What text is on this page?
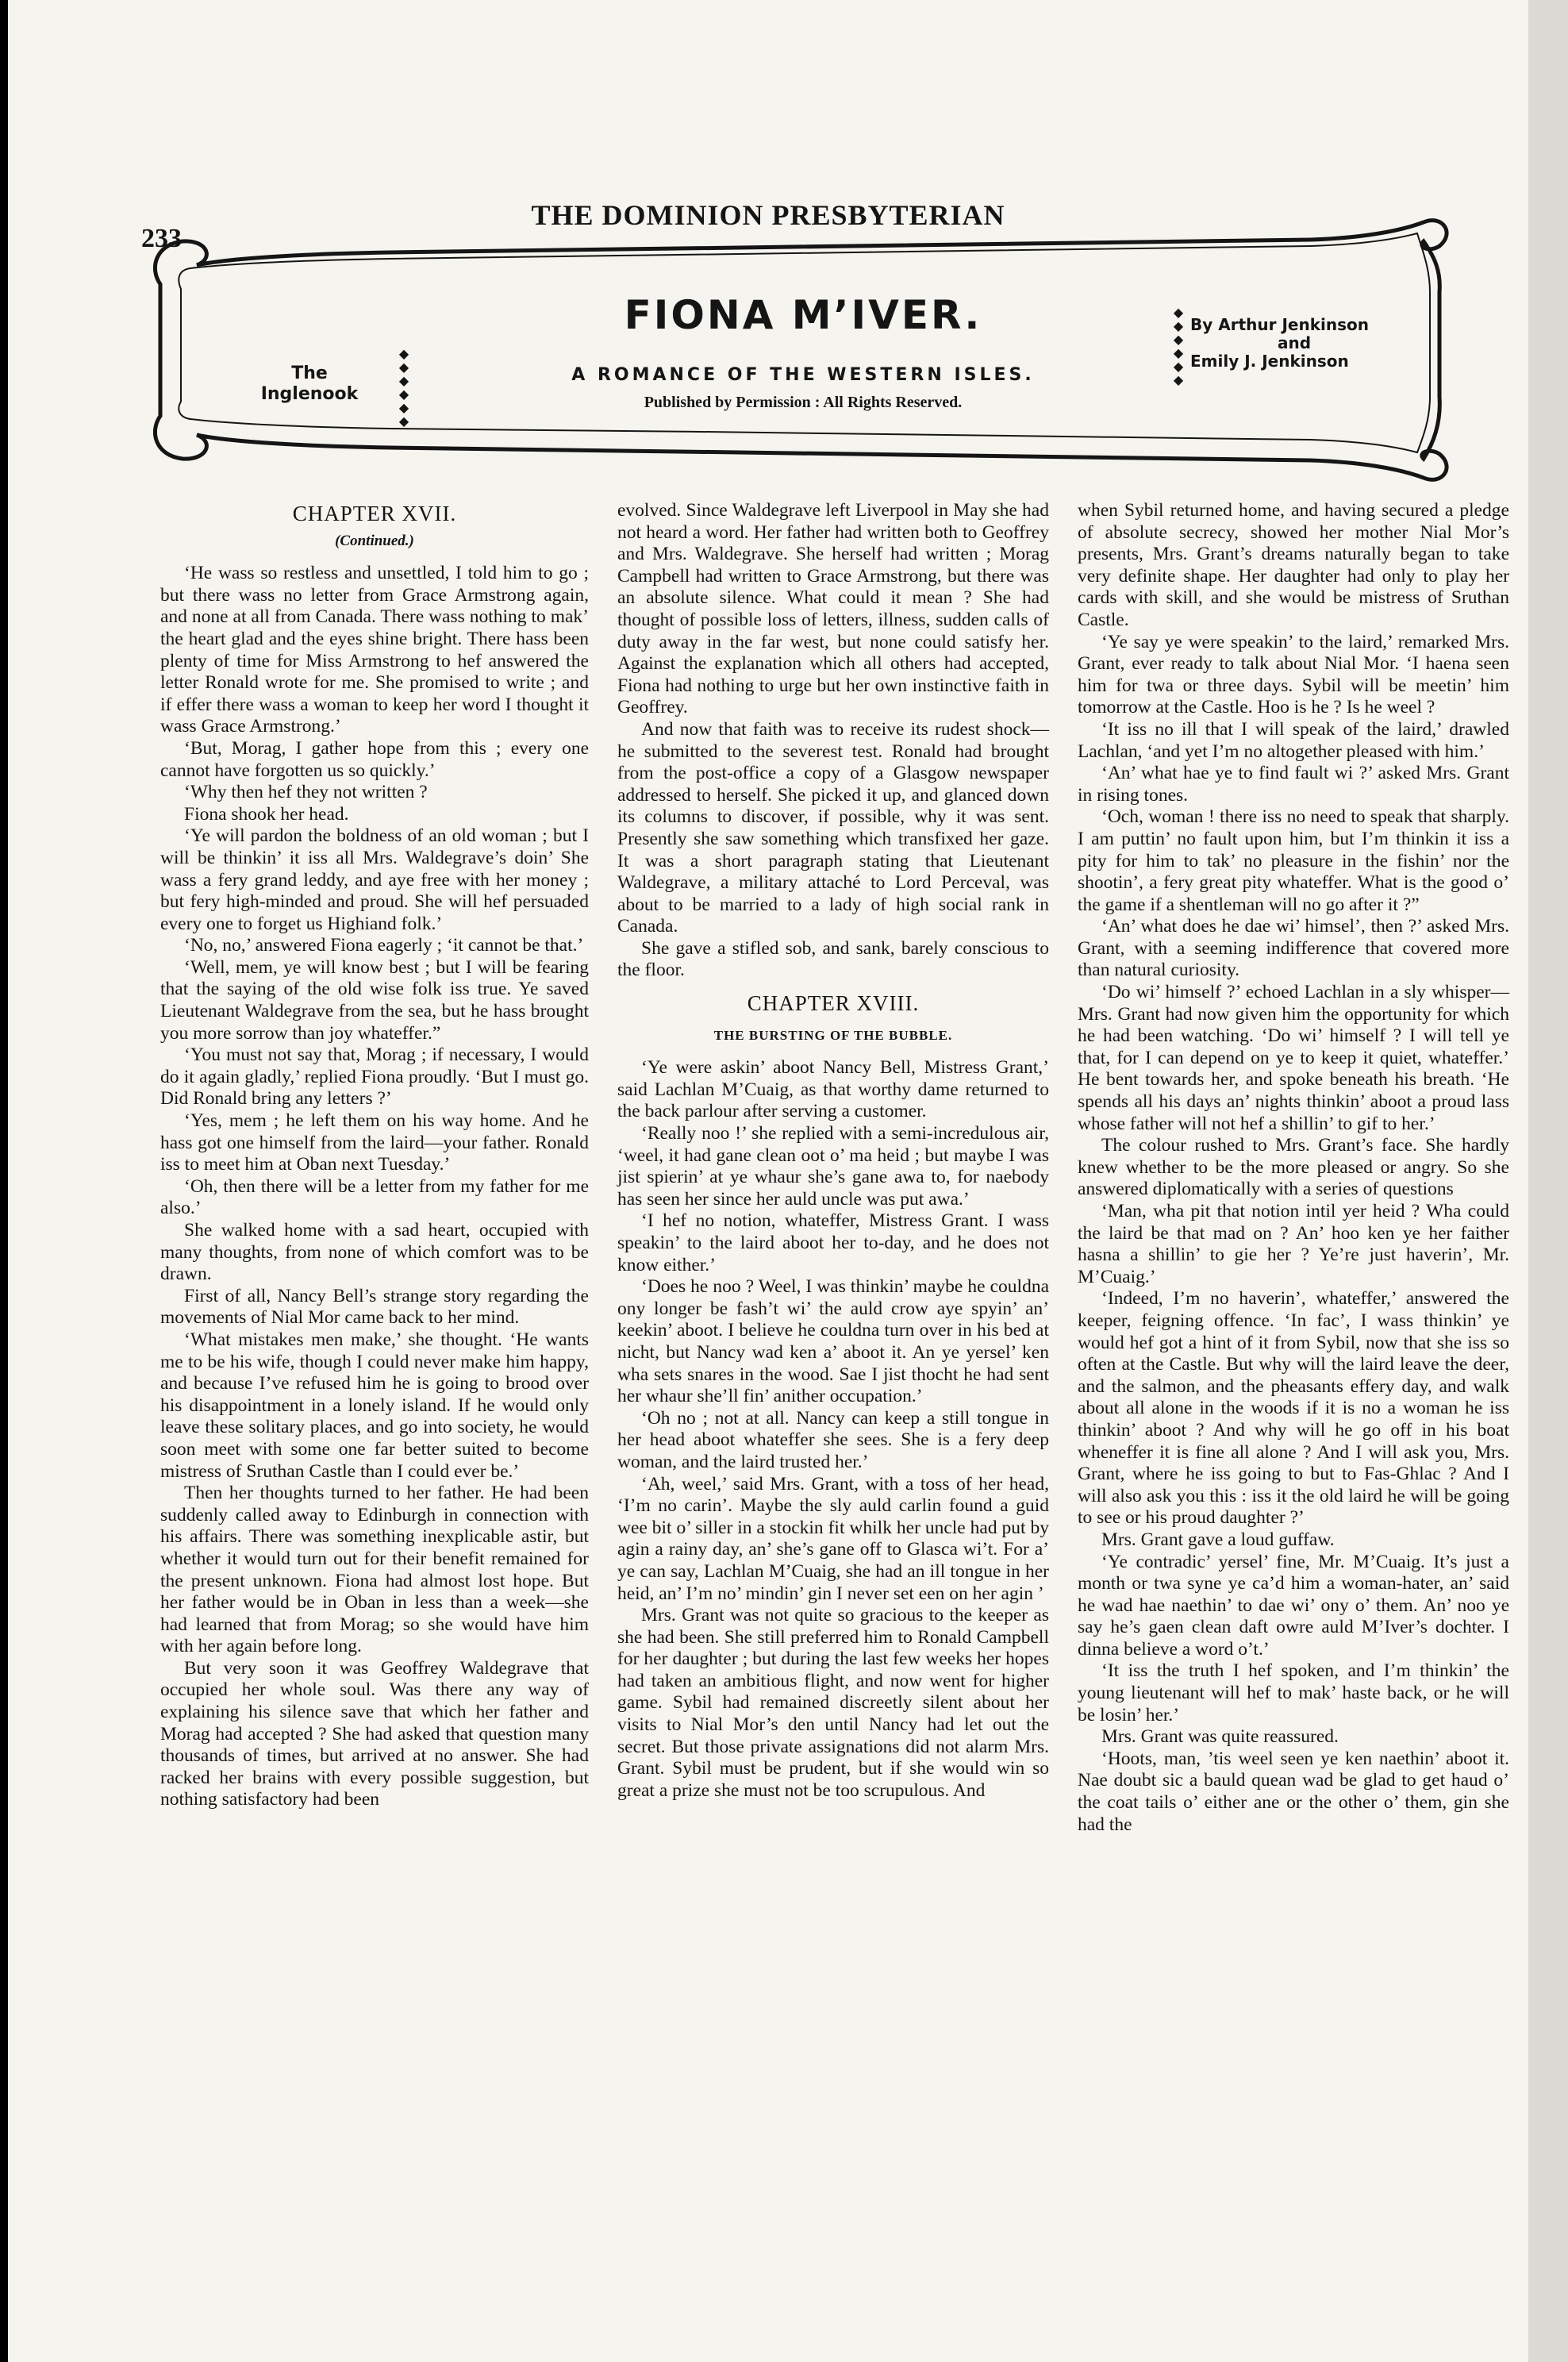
233
THE DOMINION PRESBYTERIAN
FIONA M’IVER.
A ROMANCE OF THE WESTERN ISLES.
Published by Permission : All Rights Reserved.
The
Inglenook
◆
◆
◆
◆
◆
◆
◆
◆
◆
◆
◆
◆
By Arthur Jenkinson
and
Emily J. Jenkinson
CHAPTER XVII.
(Continued.)

‘He wass so restless and unsettled, I told him to go ; but there wass no letter from Grace Armstrong again, and none at all from Canada. There wass nothing to mak’ the heart glad and the eyes shine bright. There hass been plenty of time for Miss Armstrong to hef answered the letter Ronald wrote for me. She promised to write ; and if effer there wass a woman to keep her word I thought it wass Grace Armstrong.’

‘But, Morag, I gather hope from this ; every one cannot have forgotten us so quickly.’

‘Why then hef they not written ?

Fiona shook her head.

‘Ye will pardon the boldness of an old woman ; but I will be thinkin’ it iss all Mrs. Waldegrave’s doin’ She wass a fery grand leddy, and aye free with her money ; but fery high-minded and proud. She will hef persuaded every one to forget us Highiand folk.’

‘No, no,’ answered Fiona eagerly ; ‘it cannot be that.’

‘Well, mem, ye will know best ; but I will be fearing that the saying of the old wise folk iss true. Ye saved Lieutenant Waldegrave from the sea, but he hass brought you more sorrow than joy whateffer.”

‘You must not say that, Morag ; if necessary, I would do it again gladly,’ replied Fiona proudly. ‘But I must go. Did Ronald bring any letters ?’

‘Yes, mem ; he left them on his way home. And he hass got one himself from the laird—your father. Ronald iss to meet him at Oban next Tuesday.’

‘Oh, then there will be a letter from my father for me also.’

She walked home with a sad heart, occupied with many thoughts, from none of which comfort was to be drawn.

First of all, Nancy Bell’s strange story regarding the movements of Nial Mor came back to her mind.

‘What mistakes men make,’ she thought. ‘He wants me to be his wife, though I could never make him happy, and because I’ve refused him he is going to brood over his disappointment in a lonely island. If he would only leave these solitary places, and go into society, he would soon meet with some one far better suited to become mistress of Sruthan Castle than I could ever be.’

Then her thoughts turned to her father. He had been suddenly called away to Edinburgh in connection with his affairs. There was something inexplicable astir, but whether it would turn out for their benefit remained for the present unknown. Fiona had almost lost hope. But her father would be in Oban in less than a week—she had learned that from Morag; so she would have him with her again before long.

But very soon it was Geoffrey Waldegrave that occupied her whole soul. Was there any way of explaining his silence save that which her father and Morag had accepted ? She had asked that question many thousands of times, but arrived at no answer. She had racked her brains with every possible suggestion, but nothing satisfactory had been

evolved. Since Waldegrave left Liverpool in May she had not heard a word. Her father had written both to Geoffrey and Mrs. Waldegrave. She herself had written ; Morag Campbell had written to Grace Armstrong, but there was an absolute silence. What could it mean ? She had thought of possible loss of letters, illness, sudden calls of duty away in the far west, but none could satisfy her. Against the explanation which all others had accepted, Fiona had nothing to urge but her own instinctive faith in Geoffrey.

And now that faith was to receive its rudest shock—he submitted to the severest test. Ronald had brought from the post-office a copy of a Glasgow newspaper addressed to herself. She picked it up, and glanced down its columns to discover, if possible, why it was sent. Presently she saw something which transfixed her gaze. It was a short paragraph stating that Lieutenant Waldegrave, a military attaché to Lord Perceval, was about to be married to a lady of high social rank in Canada.

She gave a stifled sob, and sank, barely conscious to the floor.

CHAPTER XVIII.
THE BURSTING OF THE BUBBLE.

‘Ye were askin’ aboot Nancy Bell, Mistress Grant,’ said Lachlan M’Cuaig, as that worthy dame returned to the back parlour after serving a customer.

‘Really noo !’ she replied with a semi-incredulous air, ‘weel, it had gane clean oot o’ ma heid ; but maybe I was jist spierin’ at ye whaur she’s gane awa to, for naebody has seen her since her auld uncle was put awa.’

‘I hef no notion, whateffer, Mistress Grant. I wass speakin’ to the laird aboot her to-day, and he does not know either.’

‘Does he noo ? Weel, I was thinkin’ maybe he couldna ony longer be fash’t wi’ the auld crow aye spyin’ an’ keekin’ aboot. I believe he couldna turn over in his bed at nicht, but Nancy wad ken a’ aboot it. An ye yersel’ ken wha sets snares in the wood. Sae I jist thocht he had sent her whaur she’ll fin’ anither occupation.’

‘Oh no ; not at all. Nancy can keep a still tongue in her head aboot whateffer she sees. She is a fery deep woman, and the laird trusted her.’

‘Ah, weel,’ said Mrs. Grant, with a toss of her head, ‘I’m no carin’. Maybe the sly auld carlin found a guid wee bit o’ siller in a stockin fit whilk her uncle had put by agin a rainy day, an’ she’s gane off to Glasca wi’t. For a’ ye can say, Lachlan M’Cuaig, she had an ill tongue in her heid, an’ I’m no’ mindin’ gin I never set een on her agin ’

Mrs. Grant was not quite so gracious to the keeper as she had been. She still preferred him to Ronald Campbell for her daughter ; but during the last few weeks her hopes had taken an ambitious flight, and now went for higher game. Sybil had remained discreetly silent about her visits to Nial Mor’s den until Nancy had let out the secret. But those private assignations did not alarm Mrs. Grant. Sybil must be prudent, but if she would win so great a prize she must not be too scrupulous. And

when Sybil returned home, and having secured a pledge of absolute secrecy, showed her mother Nial Mor’s presents, Mrs. Grant’s dreams naturally began to take very definite shape. Her daughter had only to play her cards with skill, and she would be mistress of Sruthan Castle.

‘Ye say ye were speakin’ to the laird,’ remarked Mrs. Grant, ever ready to talk about Nial Mor. ‘I haena seen him for twa or three days. Sybil will be meetin’ him tomorrow at the Castle. Hoo is he ? Is he weel ?

‘It iss no ill that I will speak of the laird,’ drawled Lachlan, ‘and yet I’m no altogether pleased with him.’

‘An’ what hae ye to find fault wi ?’ asked Mrs. Grant in rising tones.

‘Och, woman ! there iss no need to speak that sharply. I am puttin’ no fault upon him, but I’m thinkin it iss a pity for him to tak’ no pleasure in the fishin’ nor the shootin’, a fery great pity whateffer. What is the good o’ the game if a shentleman will no go after it ?”

‘An’ what does he dae wi’ himsel’, then ?’ asked Mrs. Grant, with a seeming indifference that covered more than natural curiosity.

‘Do wi’ himself ?’ echoed Lachlan in a sly whisper—Mrs. Grant had now given him the opportunity for which he had been watching. ‘Do wi’ himself ? I will tell ye that, for I can depend on ye to keep it quiet, whateffer.’ He bent towards her, and spoke beneath his breath. ‘He spends all his days an’ nights thinkin’ aboot a proud lass whose father will not hef a shillin’ to gif to her.’

The colour rushed to Mrs. Grant’s face. She hardly knew whether to be the more pleased or angry. So she answered diplomatically with a series of questions

‘Man, wha pit that notion intil yer heid ? Wha could the laird be that mad on ? An’ hoo ken ye her faither hasna a shillin’ to gie her ? Ye’re just haverin’, Mr. M’Cuaig.’

‘Indeed, I’m no haverin’, whateffer,’ answered the keeper, feigning offence. ‘In fac’, I wass thinkin’ ye would hef got a hint of it from Sybil, now that she iss so often at the Castle. But why will the laird leave the deer, and the salmon, and the pheasants effery day, and walk about all alone in the woods if it is no a woman he iss thinkin’ aboot ? And why will he go off in his boat wheneffer it is fine all alone ? And I will ask you, Mrs. Grant, where he iss going to but to Fas-Ghlac ? And I will also ask you this : iss it the old laird he will be going to see or his proud daughter ?’

Mrs. Grant gave a loud guffaw.

‘Ye contradic’ yersel’ fine, Mr. M’Cuaig. It’s just a month or twa syne ye ca’d him a woman-hater, an’ said he wad hae naethin’ to dae wi’ ony o’ them. An’ noo ye say he’s gaen clean daft owre auld M’Iver’s dochter. I dinna believe a word o’t.’

‘It iss the truth I hef spoken, and I’m thinkin’ the young lieutenant will hef to mak’ haste back, or he will be losin’ her.’

Mrs. Grant was quite reassured.

‘Hoots, man, ’tis weel seen ye ken naethin’ aboot it. Nae doubt sic a bauld quean wad be glad to get haud o’ the coat tails o’ either ane or the other o’ them, gin she had the
